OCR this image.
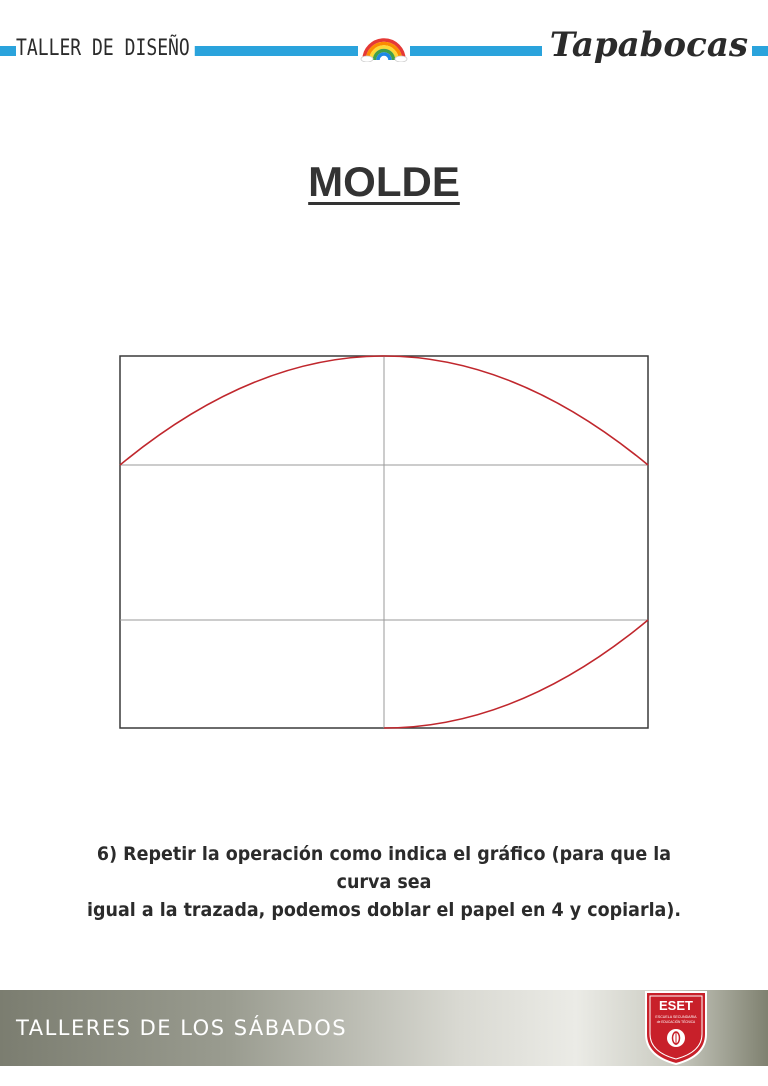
TALLER DE DISEÑO	Tapabocas
MOLDE
6) Repetir la operación como indica el gráfico (para que la curva sea
igual a la trazada, podemos doblar el papel en 4 y copiarla).
TALLERES DE LOS SÁBADOS
ESET
ESCUELA SECUNDARIA
de EDUCACIÓN TÉCNICA
